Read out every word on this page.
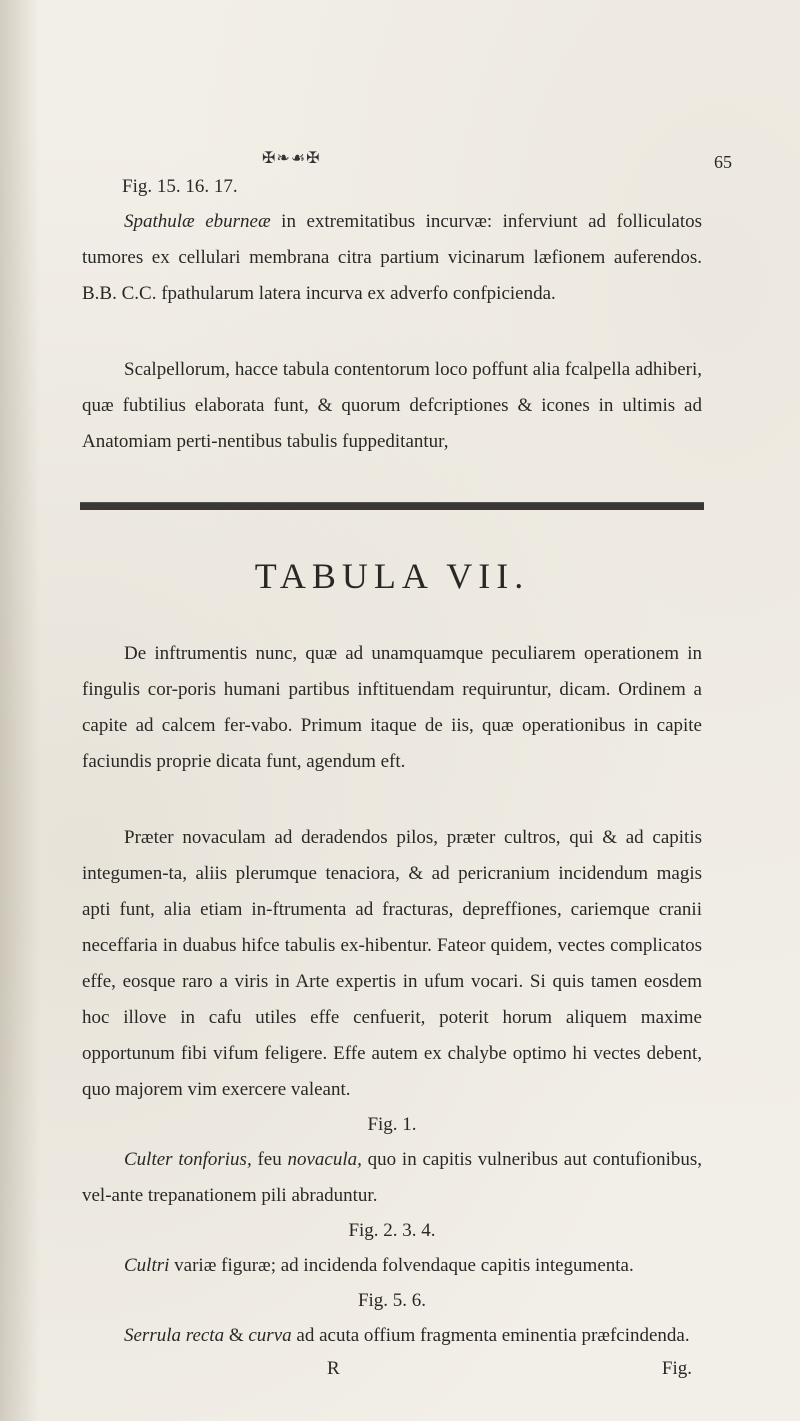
✠❧☙✠	65
Fig. 15. 16. 17.

Spathulæ eburneæ in extremitatibus incurvæ: inferviunt ad folliculatos tumores ex cellulari membrana citra partium vicinarum læfionem auferendos. B.B. C.C. fpathularum latera incurva ex adverfo confpicienda.

Scalpellorum, hacce tabula contentorum loco poffunt alia fcalpella adhiberi, quæ fubtilius elaborata funt, & quorum defcriptiones & icones in ultimis ad Anatomiam perti-nentibus tabulis fuppeditantur,

TABULA VII.

De inftrumentis nunc, quæ ad unamquamque peculiarem operationem in fingulis cor-poris humani partibus inftituendam requiruntur, dicam. Ordinem a capite ad calcem fer-vabo. Primum itaque de iis, quæ operationibus in capite faciundis proprie dicata funt, agendum eft.

Præter novaculam ad deradendos pilos, præter cultros, qui & ad capitis integumen-ta, aliis plerumque tenaciora, & ad pericranium incidendum magis apti funt, alia etiam in-ftrumenta ad fracturas, depreffiones, cariemque cranii neceffaria in duabus hifce tabulis ex-hibentur. Fateor quidem, vectes complicatos effe, eosque raro a viris in Arte expertis in ufum vocari. Si quis tamen eosdem hoc illove in cafu utiles effe cenfuerit, poterit horum aliquem maxime opportunum fibi vifum feligere. Effe autem ex chalybe optimo hi vectes debent, quo majorem vim exercere valeant.

Fig. 1.

Culter tonforius, feu novacula, quo in capitis vulneribus aut contufionibus, vel-ante trepanationem pili abraduntur.

Fig. 2. 3. 4.

Cultri variæ figuræ; ad incidenda folvendaque capitis integumenta.

Fig. 5. 6.

Serrula recta & curva ad acuta offium fragmenta eminentia præfcindenda.

R	Fig.
